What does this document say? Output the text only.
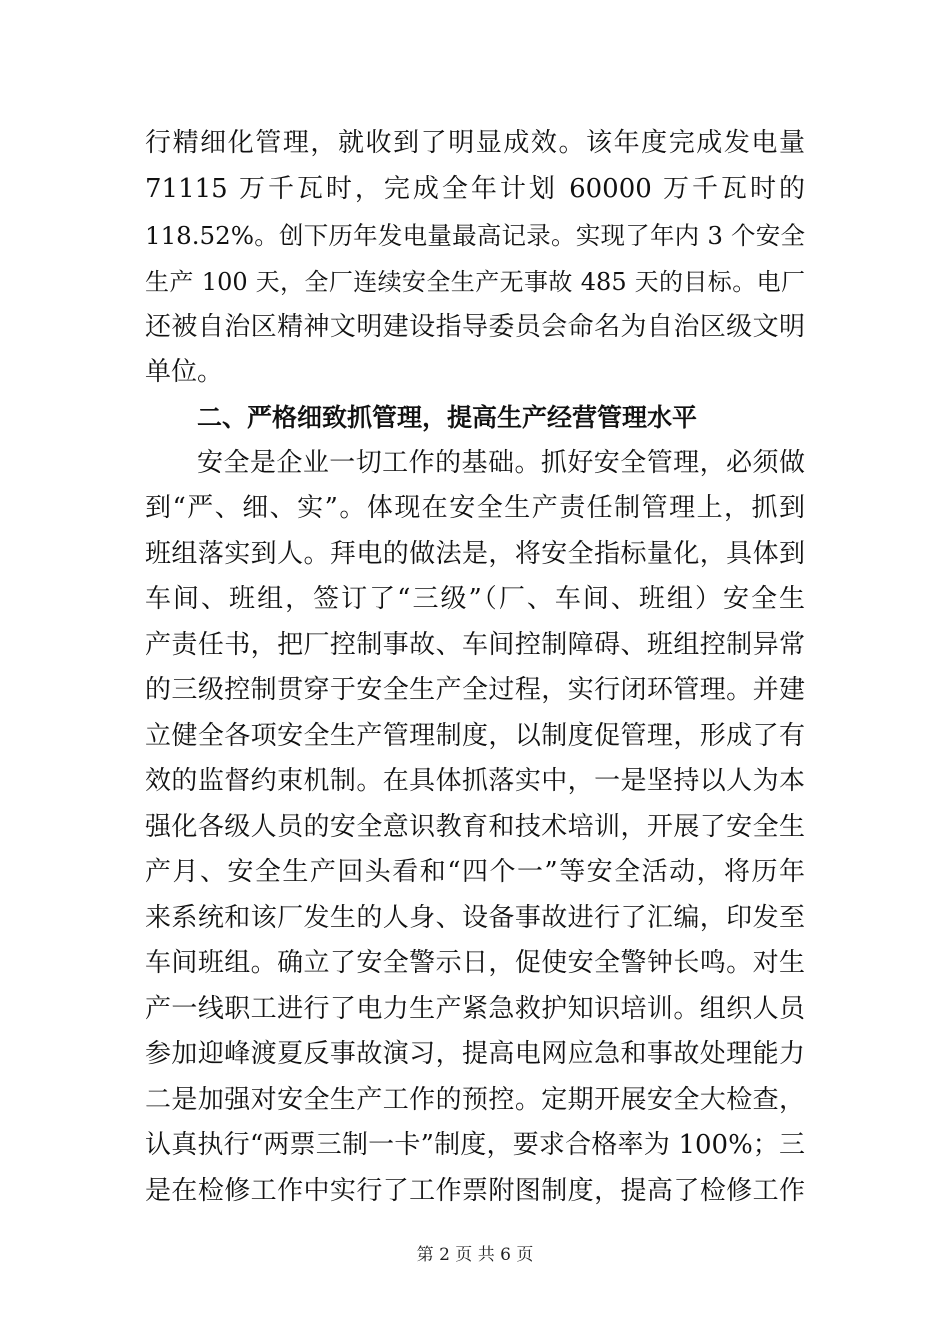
行精细化管理，就收到了明显成效。该年度完成发电量
71115 万千瓦时，完成全年计划 60000 万千瓦时的
118.52%。创下历年发电量最高记录。实现了年内 3 个安全
生产 100 天，全厂连续安全生产无事故 485 天的目标。电厂
还被自治区精神文明建设指导委员会命名为自治区级文明
单位。
二、严格细致抓管理，提高生产经营管理水平
安全是企业一切工作的基础。抓好安全管理，必须做
到“严、细、实”。体现在安全生产责任制管理上，抓到
班组落实到人。拜电的做法是，将安全指标量化，具体到
车间、班组，签订了“三级”（厂、车间、班组）安全生
产责任书，把厂控制事故、车间控制障碍、班组控制异常
的三级控制贯穿于安全生产全过程，实行闭环管理。并建
立健全各项安全生产管理制度，以制度促管理，形成了有
效的监督约束机制。在具体抓落实中，一是坚持以人为本
强化各级人员的安全意识教育和技术培训，开展了安全生
产月、安全生产回头看和“四个一”等安全活动，将历年
来系统和该厂发生的人身、设备事故进行了汇编，印发至
车间班组。确立了安全警示日，促使安全警钟长鸣。对生
产一线职工进行了电力生产紧急救护知识培训。组织人员
参加迎峰渡夏反事故演习，提高电网应急和事故处理能力
二是加强对安全生产工作的预控。定期开展安全大检查，
认真执行“两票三制一卡”制度，要求合格率为 100%；三
是在检修工作中实行了工作票附图制度，提高了检修工作
第 2 页 共 6 页
